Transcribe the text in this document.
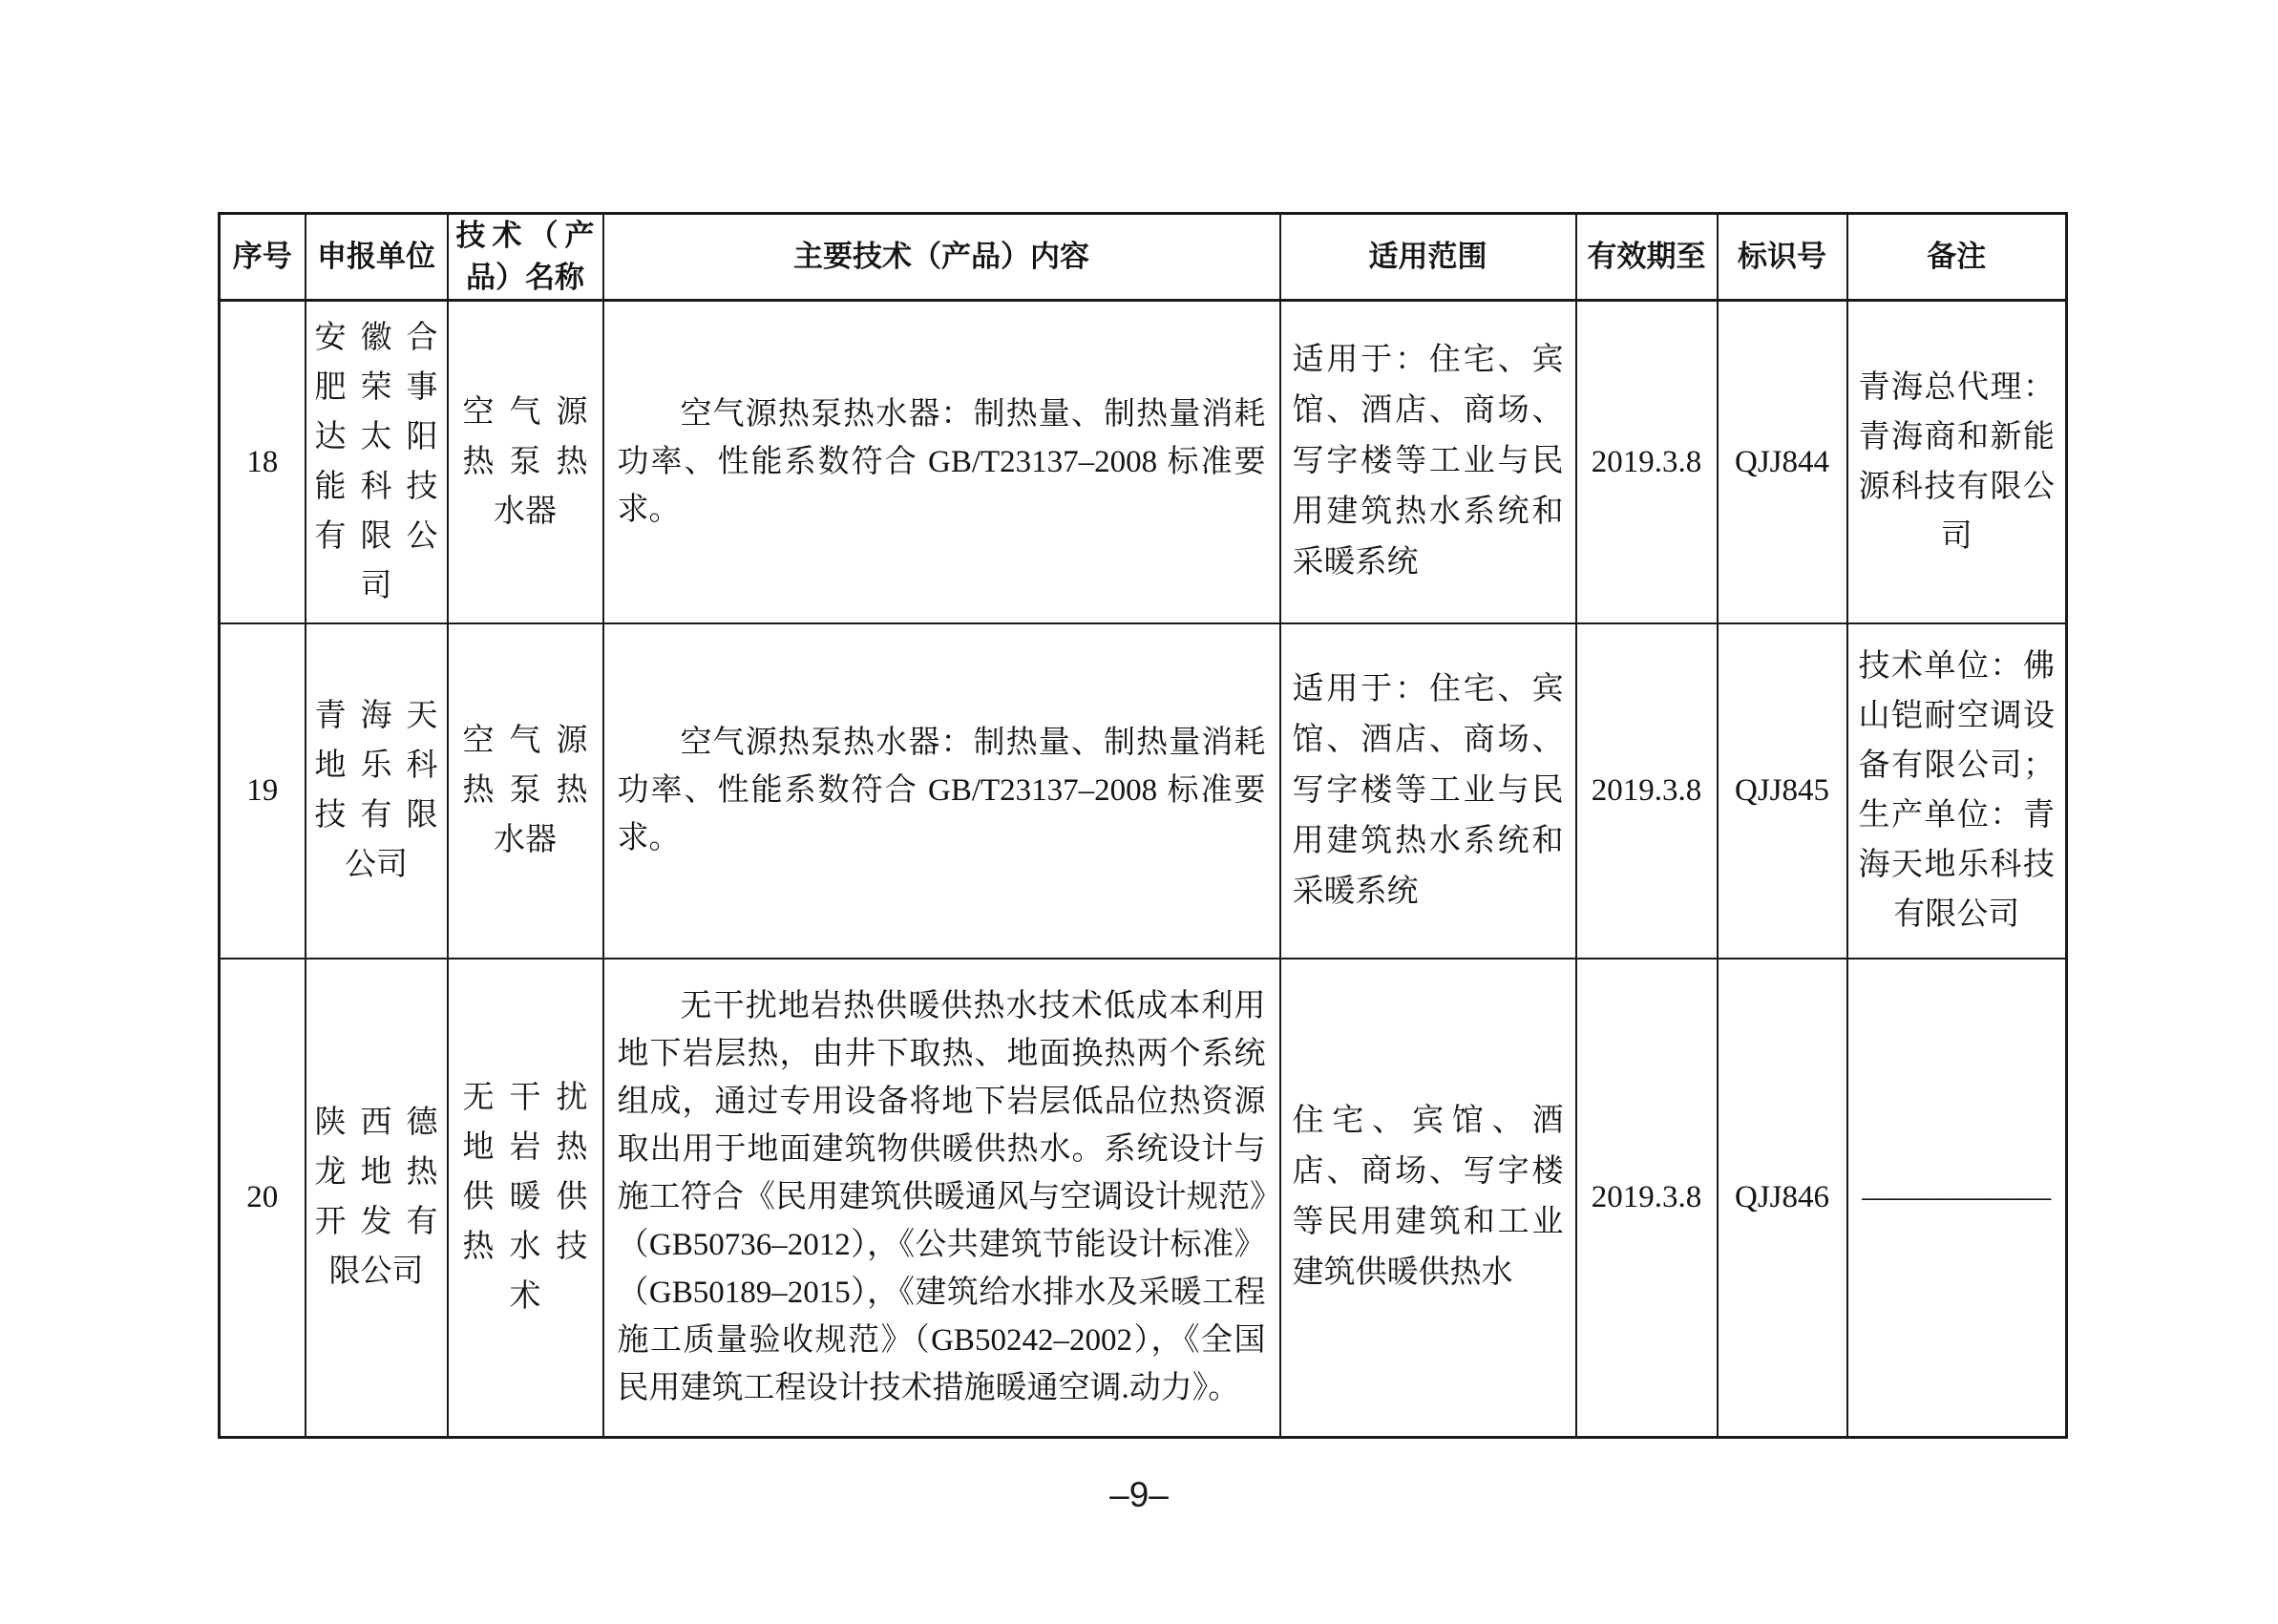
序号	申报单位	技术（产品）名称	主要技术（产品）内容	适用范围	有效期至	标识号	备注
18	安徽合肥荣事达太阳能科技有限公司	空气源热泵热水器	空气源热泵热水器：制热量、制热量消耗功率、性能系数符合 GB/T23137–2008 标准要求。	适用于：住宅、宾馆、酒店、商场、写字楼等工业与民用建筑热水系统和采暖系统	2019.3.8	QJJ844	青海总代理：青海商和新能源科技有限公司

19	青海天地乐科技有限公司	空气源热泵热水器	空气源热泵热水器：制热量、制热量消耗功率、性能系数符合 GB/T23137–2008 标准要求。	适用于：住宅、宾馆、酒店、商场、写字楼等工业与民用建筑热水系统和采暖系统	2019.3.8	QJJ845	技术单位：佛山铠耐空调设备有限公司；生产单位：青海天地乐科技有限公司

20	陕西德龙地热开发有限公司	无干扰地岩热供暖供热水技术	无干扰地岩热供暖供热水技术低成本利用地下岩层热，由井下取热、地面换热两个系统组成，通过专用设备将地下岩层低品位热资源取出用于地面建筑物供暖供热水。系统设计与施工符合《民用建筑供暖通风与空调设计规范》（GB50736–2012），《公共建筑节能设计标准》（GB50189–2015），《建筑给水排水及采暖工程施工质量验收规范》（GB50242–2002），《全国民用建筑工程设计技术措施暖通空调.动力》。	住宅、宾馆、酒店、商场、写字楼等民用建筑和工业建筑供暖供热水	2019.3.8	QJJ846	––––––––––––
–9–
